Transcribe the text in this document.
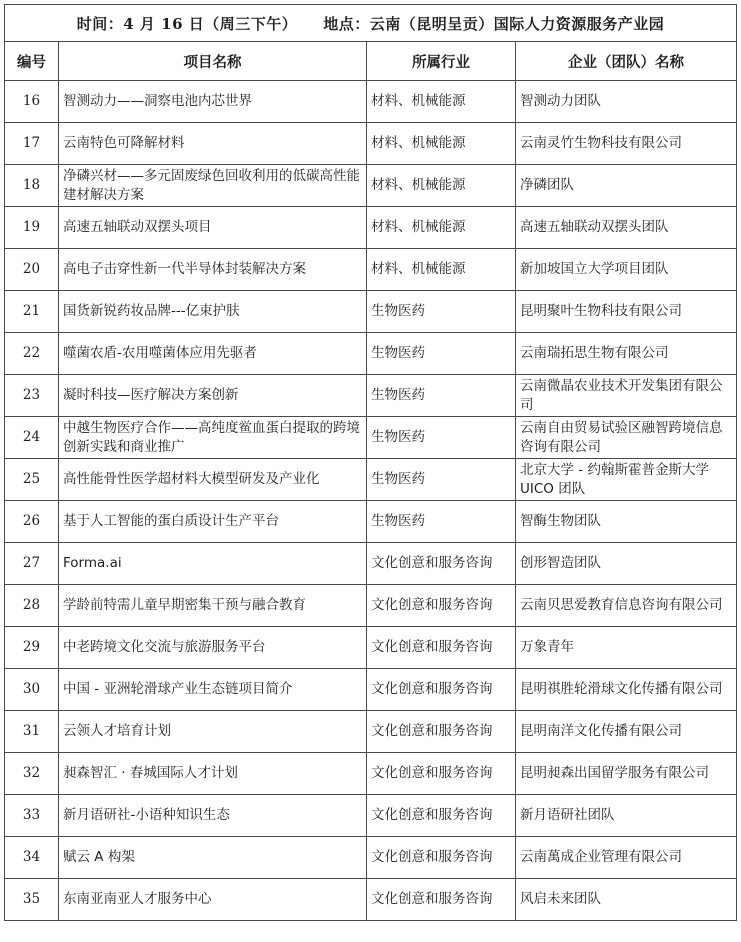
时间：4 月 16 日（周三下午） 地点：云南（昆明呈贡）国际人力资源服务产业园			
编号	项目名称	所属行业	企业（团队）名称
16	智测动力——洞察电池内芯世界	材料、机械能源	智测动力团队
17	云南特色可降解材料	材料、机械能源	云南灵竹生物科技有限公司
18	净磷兴材——多元固废绿色回收利用的低碳高性能建材解决方案	材料、机械能源	净磷团队
19	高速五轴联动双摆头项目	材料、机械能源	高速五轴联动双摆头团队
20	高电子击穿性新一代半导体封装解决方案	材料、机械能源	新加坡国立大学项目团队
21	国货新锐药妆品牌---亿束护肤	生物医药	昆明聚叶生物科技有限公司
22	噬菌农盾-农用噬菌体应用先驱者	生物医药	云南瑞拓思生物有限公司
23	凝时科技—医疗解决方案创新	生物医药	云南微晶农业技术开发集团有限公司
24	中越生物医疗合作——高纯度鲎血蛋白提取的跨境创新实践和商业推广	生物医药	云南自由贸易试验区融智跨境信息咨询有限公司
25	高性能骨性医学超材料大模型研发及产业化	生物医药	北京大学 - 约翰斯霍普金斯大学 UICO 团队
26	基于人工智能的蛋白质设计生产平台	生物医药	智酶生物团队
27	Forma.ai	文化创意和服务咨询	创形智造团队
28	学龄前特需儿童早期密集干预与融合教育	文化创意和服务咨询	云南贝思爱教育信息咨询有限公司
29	中老跨境文化交流与旅游服务平台	文化创意和服务咨询	万象青年
30	中国 - 亚洲轮滑球产业生态链项目简介	文化创意和服务咨询	昆明祺胜轮滑球文化传播有限公司
31	云领人才培育计划	文化创意和服务咨询	昆明南洋文化传播有限公司
32	昶森智汇 · 春城国际人才计划	文化创意和服务咨询	昆明昶森出国留学服务有限公司
33	新月语研社-小语种知识生态	文化创意和服务咨询	新月语研社团队
34	赋云 A 构架	文化创意和服务咨询	云南萬成企业管理有限公司
35	东南亚南亚人才服务中心	文化创意和服务咨询	风启未来团队
